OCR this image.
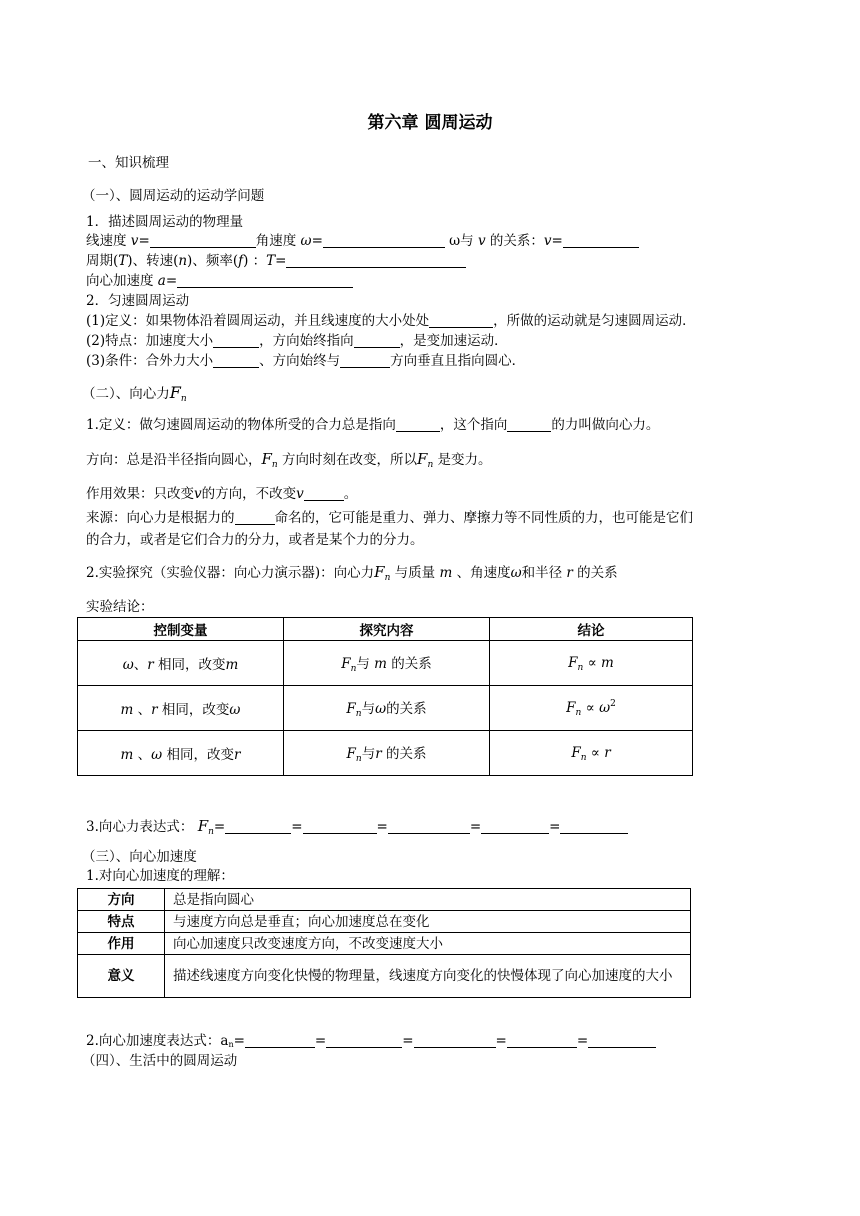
第六章 圆周运动
一、知识梳理
（一）、圆周运动的运动学问题
1．描述圆周运动的物理量
线速度 v=	角速度 ω=	ω与 v 的关系：v=
周期(T)、转速(n)、频率(f) ：T=
向心加速度 a=
2．匀速圆周运动
(1)定义：如果物体沿着圆周运动，并且线速度的大小处处	，所做的运动就是匀速圆周运动．
(2)特点：加速度大小	，方向始终指向	，是变加速运动．
(3)条件：合外力大小	、方向始终与	方向垂直且指向圆心．
（二）、向心力$F_n$
1.定义：做匀速圆周运动的物体所受的合力总是指向	，这个指向	的力叫做向心力。
方向：总是沿半径指向圆心，$F_n$ 方向时刻在改变，所以$F_n$ 是变力。
作用效果：只改变v的方向，不改变v	。
来源：向心力是根据力的	命名的，它可能是重力、弹力、摩擦力等不同性质的力，也可能是它们
的合力，或者是它们合力的分力，或者是某个力的分力。
2.实验探究（实验仪器：向心力演示器)：向心力$F_n$ 与质量 m 、角速度ω和半径 r 的关系
实验结论：
控制变量	探究内容	结论
ω、r 相同，改变m	$F_n$与 m 的关系	$F_n \propto m$
m 、r 相同，改变ω	$F_n$与ω的关系	$F_n \propto \omega^2$
m 、ω 相同，改变r	$F_n$与r 的关系	$F_n \propto r$
3.向心力表达式： $F_n=$	=	=	=	=
（三）、向心加速度
1.对向心加速度的理解：
方向	总是指向圆心
特点	与速度方向总是垂直；向心加速度总在变化
作用	向心加速度只改变速度方向，不改变速度大小
意义	描述线速度方向变化快慢的物理量，线速度方向变化的快慢体现了向心加速度的大小
2.向心加速度表达式：an=	=	=	=	=
（四）、生活中的圆周运动
